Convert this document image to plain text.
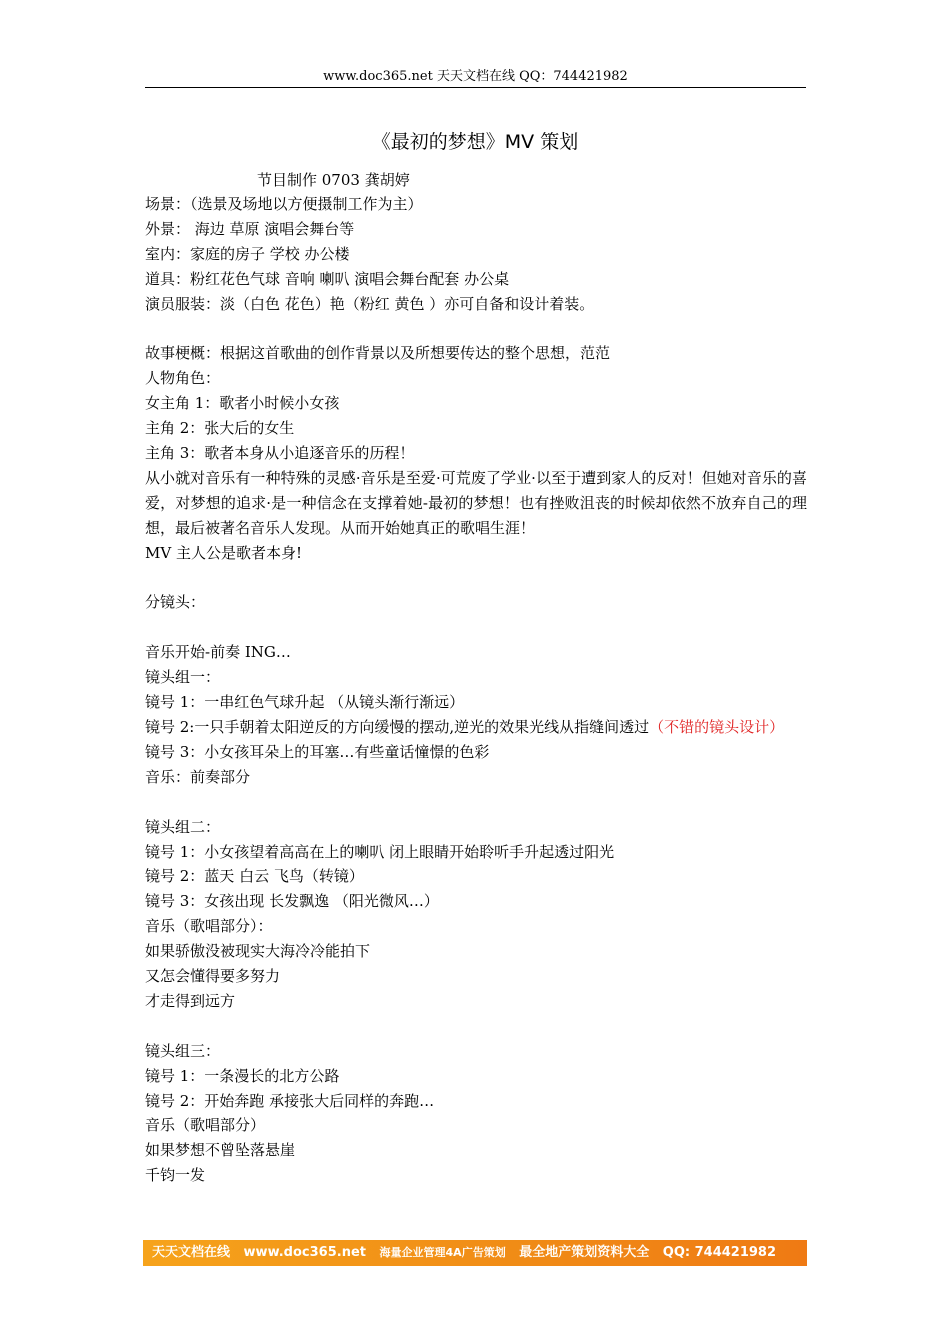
www.doc365.net 天天文档在线 QQ：744421982
《最初的梦想》MV 策划
节目制作 0703 龚胡婷
场景：（选景及场地以方便摄制工作为主）
外景： 海边 草原 演唱会舞台等
室内：家庭的房子 学校 办公楼
道具：粉红花色气球 音响 喇叭 演唱会舞台配套 办公桌
演员服装：淡（白色 花色）艳（粉红 黄色 ）亦可自备和设计着装。
故事梗概：根据这首歌曲的创作背景以及所想要传达的整个思想，范范
人物角色：
女主角 1：歌者小时候小女孩
主角 2：张大后的女生
主角 3：歌者本身从小追逐音乐的历程！
从小就对音乐有一种特殊的灵感·音乐是至爱·可荒废了学业·以至于遭到家人的反对！但她对音乐的喜爱，对梦想的追求·是一种信念在支撑着她-最初的梦想！也有挫败沮丧的时候却依然不放弃自己的理想，最后被著名音乐人发现。从而开始她真正的歌唱生涯！
MV 主人公是歌者本身!
分镜头：
音乐开始-前奏 ING…
镜头组一：
镜号 1：一串红色气球升起 （从镜头渐行渐远）
镜号 2:一只手朝着太阳逆反的方向缓慢的摆动,逆光的效果光线从指缝间透过（不错的镜头设计）
镜号 3：小女孩耳朵上的耳塞…有些童话憧憬的色彩
音乐：前奏部分
镜头组二：
镜号 1：小女孩望着高高在上的喇叭 闭上眼睛开始聆听手升起透过阳光
镜号 2：蓝天 白云 飞鸟（转镜）
镜号 3：女孩出现 长发飘逸 （阳光微风…）
音乐（歌唱部分）：
如果骄傲没被现实大海冷冷能拍下
又怎会懂得要多努力
才走得到远方
镜头组三：
镜号 1：一条漫长的北方公路
镜号 2：开始奔跑 承接张大后同样的奔跑…
音乐（歌唱部分）
如果梦想不曾坠落悬崖
千钧一发
天天文档在线 www.doc365.net 海量企业管理4A广告策划 最全地产策划资料大全 QQ: 744421982
